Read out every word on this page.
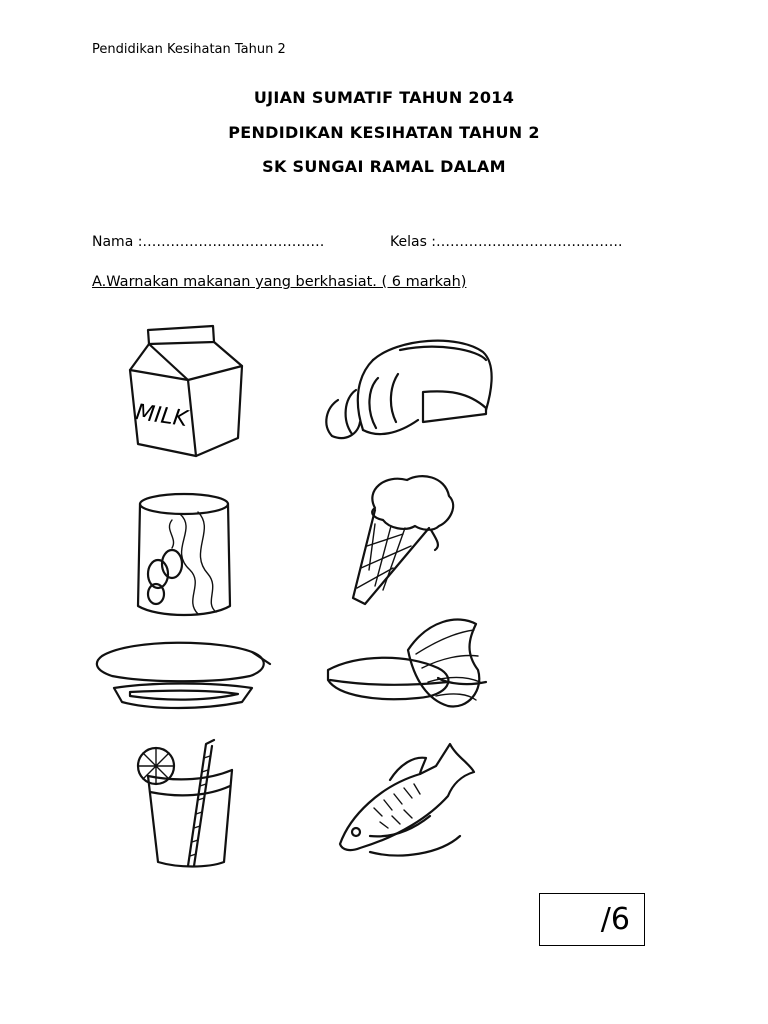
Pendidikan Kesihatan Tahun 2
UJIAN SUMATIF TAHUN 2014
PENDIDIKAN KESIHATAN TAHUN 2
SK SUNGAI RAMAL DALAM
Nama :…………………………………	Kelas :………………………………….
A.Warnakan makanan yang berkhasiat. ( 6 markah)
MILK
/6
